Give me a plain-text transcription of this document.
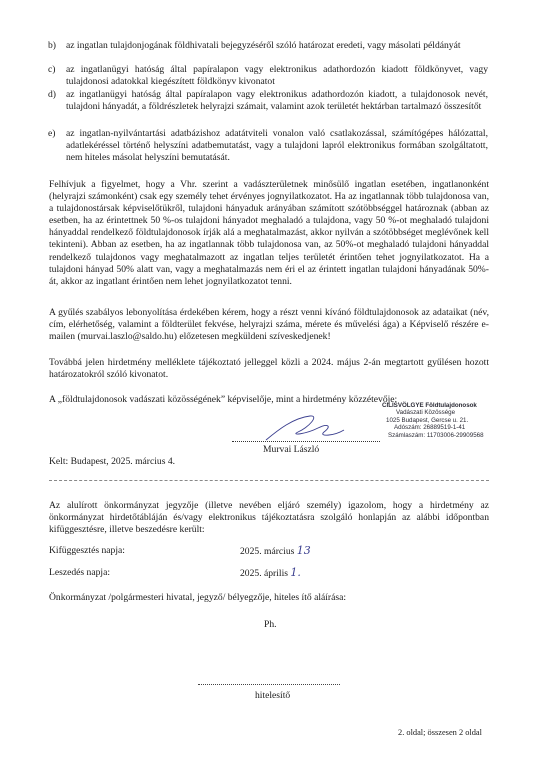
b) az ingatlan tulajdonjogának földhivatali bejegyzéséről szóló határozat eredeti, vagy másolati példányát
c) az ingatlanügyi hatóság által papíralapon vagy elektronikus adathordozón kiadott földkönyvet, vagy tulajdonosi adatokkal kiegészített földkönyv kivonatot
d) az ingatlanügyi hatóság által papíralapon vagy elektronikus adathordozón kiadott, a tulajdonosok nevét, tulajdoni hányadát, a földrészletek helyrajzi számait, valamint azok területét hektárban tartalmazó összesítőt
e) az ingatlan-nyilvántartási adatbázishoz adatátviteli vonalon való csatlakozással, számítógépes hálózattal, adatlekéréssel történő helyszíni adatbemutatást, vagy a tulajdoni lapról elektronikus formában szolgáltatott, nem hiteles másolat helyszíni bemutatását.
Felhívjuk a figyelmet, hogy a Vhr. szerint a vadászterületnek minősülő ingatlan esetében, ingatlanonként (helyrajzi számonként) csak egy személy tehet érvényes jognyilatkozatot. Ha az ingatlannak több tulajdonosa van, a tulajdonostársak képviselőtükről, tulajdoni hányaduk arányában számított szótöbbséggel határoznak (abban az esetben, ha az érintettnek 50 %-os tulajdoni hányadot meghaladó a tulajdona, vagy 50 %-ot meghaladó tulajdoni hányaddal rendelkező földtulajdonosok írják alá a meghatalmazást, akkor nyilván a szótöbbséget meglévőnek kell tekinteni). Abban az esetben, ha az ingatlannak több tulajdonosa van, az 50%-ot meghaladó tulajdoni hányaddal rendelkező tulajdonos vagy meghatalmazott az ingatlan teljes területét érintően tehet jognyilatkozatot. Ha a tulajdoni hányad 50% alatt van, vagy a meghatalmazás nem éri el az érintett ingatlan tulajdoni hányadának 50%-át, akkor az ingatlant érintően nem lehet jognyilatkozatot tenni.
A gyűlés szabályos lebonyolítása érdekében kérem, hogy a részt venni kívánó földtulajdonosok az adataikat (név, cím, elérhetőség, valamint a földterület fekvése, helyrajzi száma, mérete és művelési ága) a Képviselő részére e-mailen (murvai.laszlo@saldo.hu) előzetesen megküldeni szíveskedjenek!
Továbbá jelen hirdetmény melléklete tájékoztató jelleggel közli a 2024. május 2-án megtartott gyűlésen hozott határozatokról szóló kivonatot.
A „földtulajdonosok vadászati közösségének” képviselője, mint a hirdetmény közzétevője:
Murvai László
Kelt: Budapest, 2025. március 4.
CILISVÖLGYE Földtulajdonosok
Vadászati Közössége
1025 Budapest, Gercse u. 21.
Adószám: 26889519-1-41
Számlaszám: 11703006-29909568
Az alulírott önkormányzat jegyzője (illetve nevében eljáró személy) igazolom, hogy a hirdetmény az önkormányzat hirdetőtábláján és/vagy elektronikus tájékoztatásra szolgáló honlapján az alábbi időpontban kifüggesztésre, illetve beszedésre került:
Kifüggesztés napja:	2025. március 13
Leszedés napja:	2025. április 1.
Önkormányzat /polgármesteri hivatal, jegyző/ bélyegzője, hiteles ítő aláírása:
Ph.
hitelesítő
2. oldal; összesen 2 oldal
